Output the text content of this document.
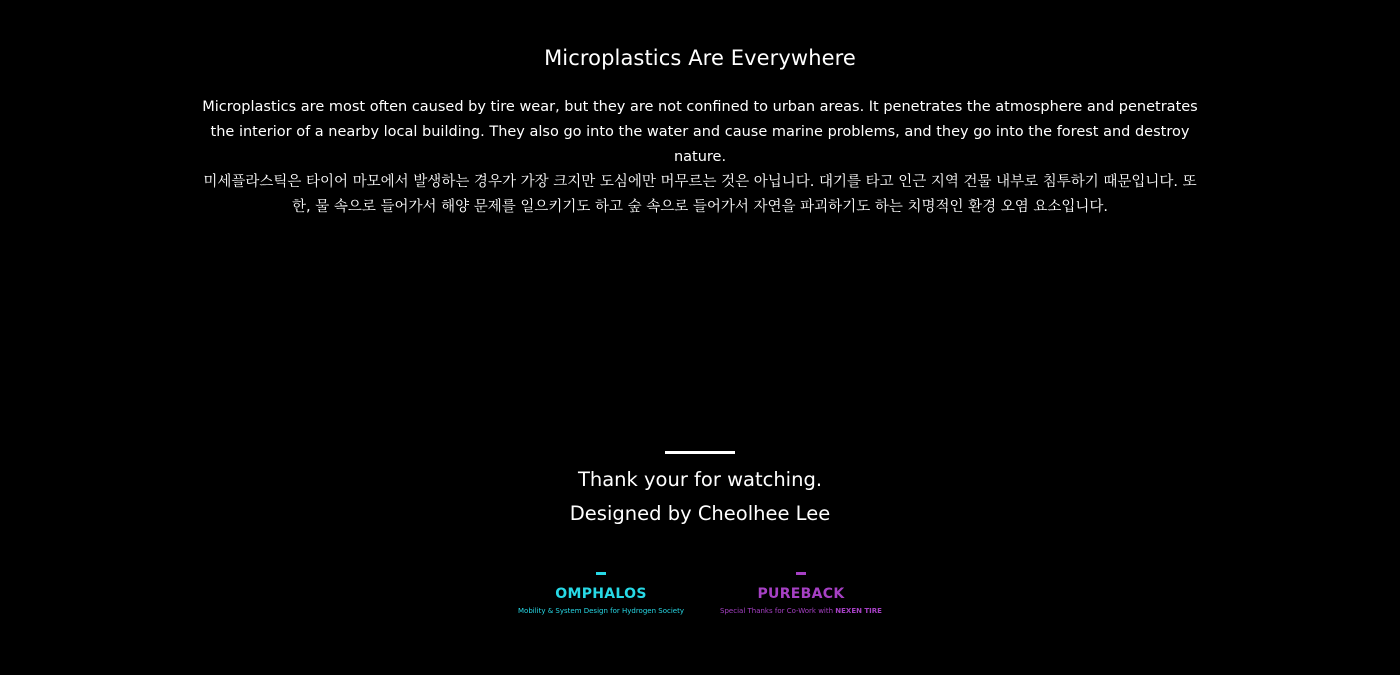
Microplastics Are Everywhere
Microplastics are most often caused by tire wear, but they are not confined to urban areas. It penetrates the atmosphere and penetrates the interior of a nearby local building. They also go into the water and cause marine problems, and they go into the forest and destroy nature.
미세플라스틱은 타이어 마모에서 발생하는 경우가 가장 크지만 도심에만 머무르는 것은 아닙니다. 대기를 타고 인근 지역 건물 내부로 침투하기 때문입니다. 또한, 물 속으로 들어가서 해양 문제를 일으키기도 하고 숲 속으로 들어가서 자연을 파괴하기도 하는 치명적인 환경 오염 요소입니다.
Thank your for watching.
Designed by Cheolhee Lee
OMPHALOS
Mobility & System Design for Hydrogen Society
PUREBACK
Special Thanks for Co-Work with NEXEN TIRE
